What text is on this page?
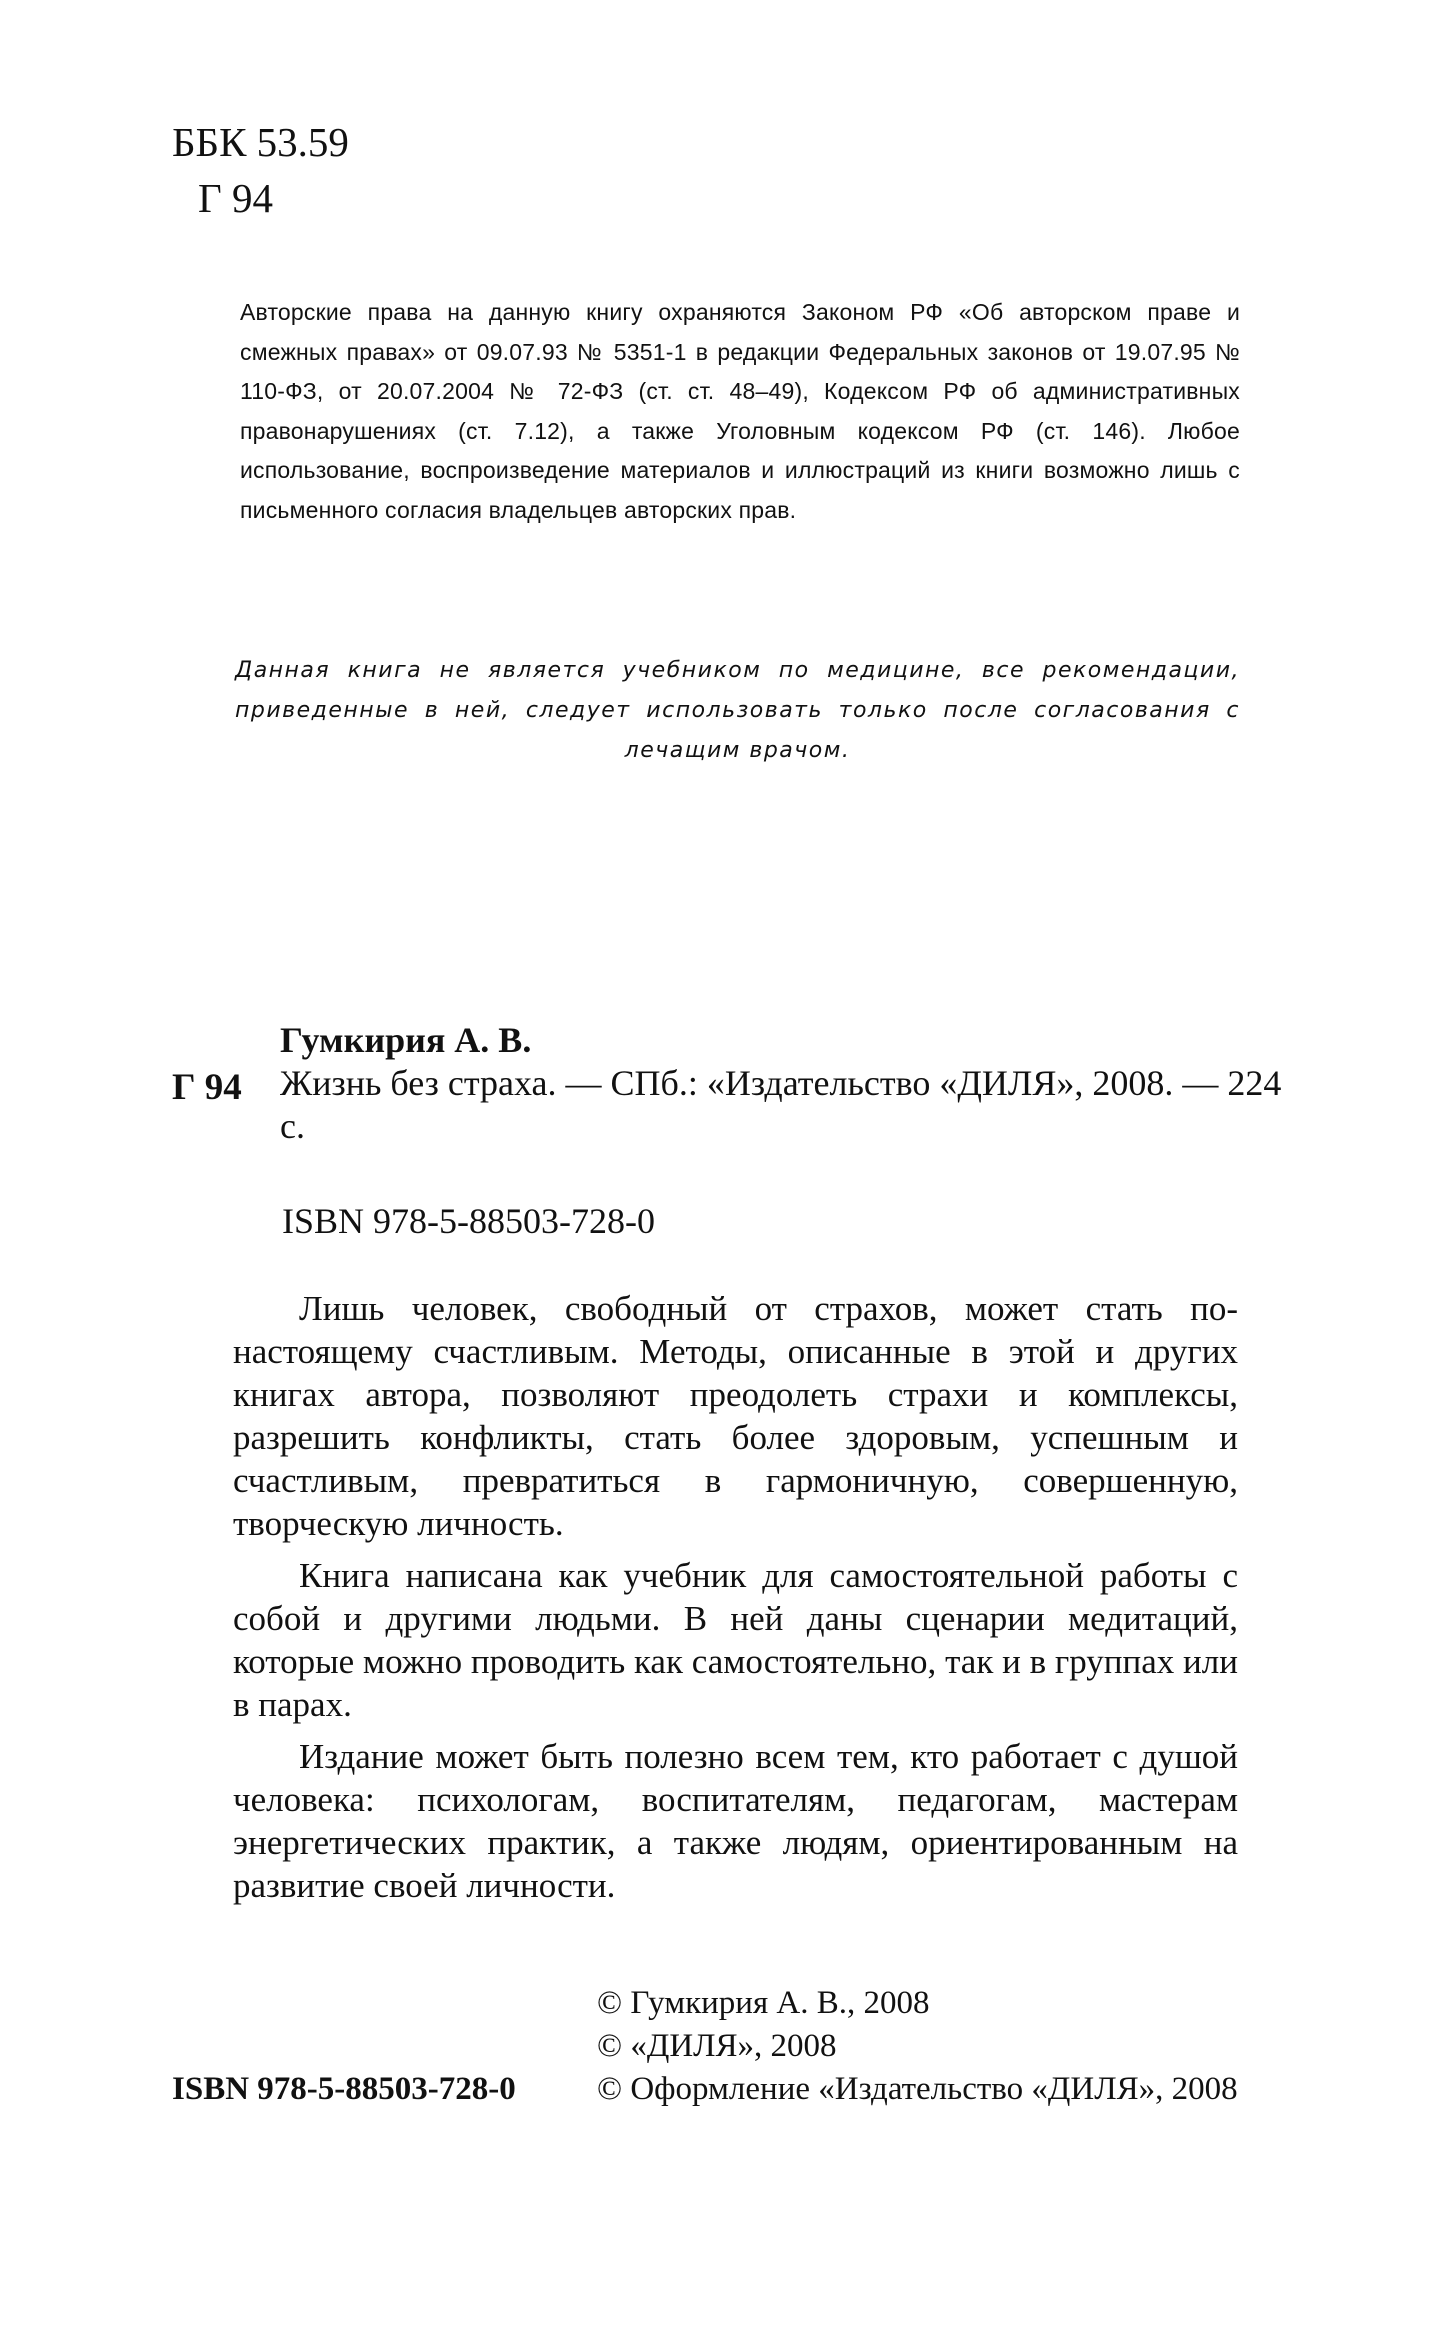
ББК 53.59
Г 94
Авторские права на данную книгу охраняются Законом РФ «Об авторском праве и смежных правах» от 09.07.93 № 5351-1 в редакции Федеральных законов от 19.07.95 № 110-ФЗ, от 20.07.2004 № 72-ФЗ (ст. ст. 48–49), Кодексом РФ об административных правонарушениях (ст. 7.12), а также Уголовным кодексом РФ (ст. 146). Любое использование, воспроизведение материалов и иллюстраций из книги возможно лишь с письменного согласия владельцев авторских прав.
Данная книга не является учебником по медицине, все рекомендации, приведенные в ней, следует использовать только после согласования с лечащим врачом.
Г 94
Гумкирия А. В.
Жизнь без страха. — СПб.: «Издательство «ДИЛЯ», 2008. — 224 с.
ISBN 978-5-88503-728-0

Лишь человек, свободный от страхов, может стать по-настоящему счастливым. Методы, описанные в этой и других книгах автора, позволяют преодолеть страхи и комплексы, разрешить конфликты, стать более здоровым, успешным и счастливым, превратиться в гармоничную, совершенную, творческую личность.

Книга написана как учебник для самостоятельной работы с собой и другими людьми. В ней даны сценарии медитаций, которые можно проводить как самостоятельно, так и в группах или в парах.

Издание может быть полезно всем тем, кто работает с душой человека: психологам, воспитателям, педагогам, мастерам энергетических практик, а также людям, ориентированным на развитие своей личности.

ISBN 978-5-88503-728-0
© Гумкирия А. В., 2008
© «ДИЛЯ», 2008
© Оформление «Издательство «ДИЛЯ», 2008
